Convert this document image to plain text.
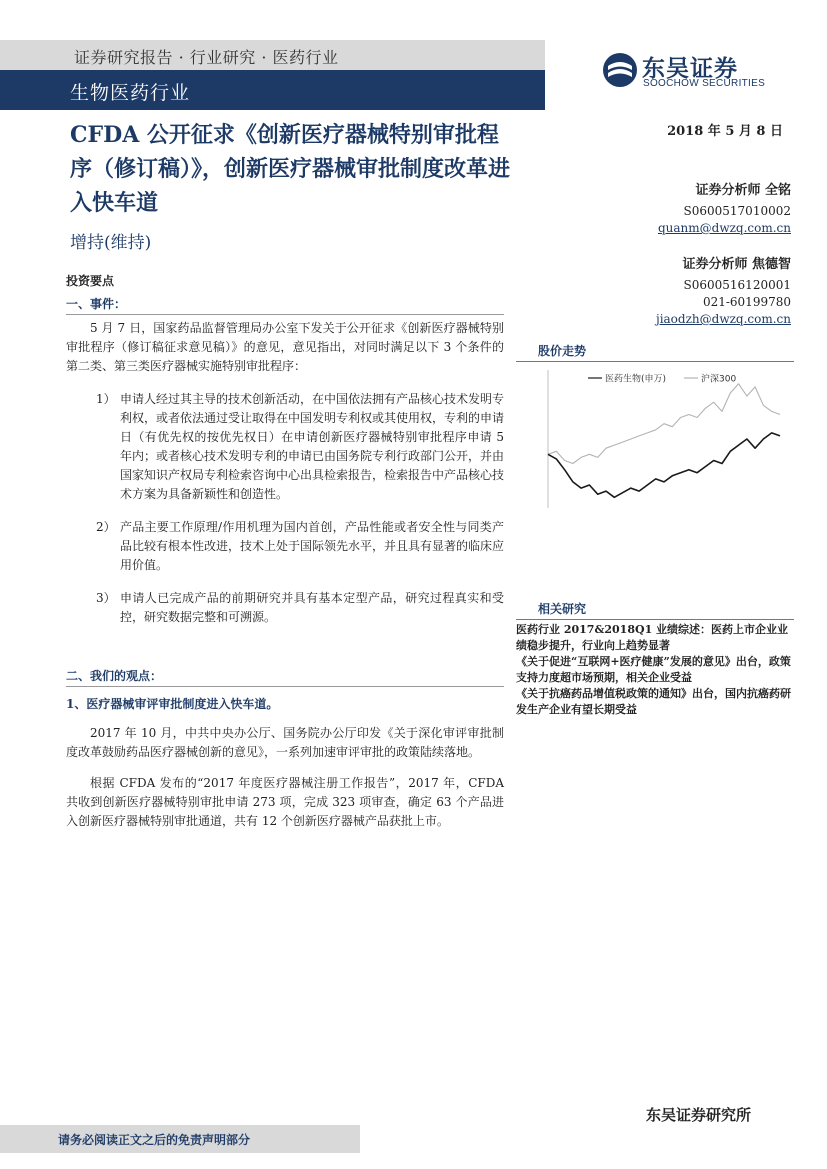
证券研究报告 · 行业研究 · 医药行业
生物医药行业
东吴证券
SOOCHOW SECURITIES
CFDA 公开征求《创新医疗器械特别审批程序（修订稿）》，创新医疗器械审批制度改革进入快车道
增持(维持)
2018 年 5 月 8 日
证券分析师 全铭
S0600517010002
quanm@dwzq.com.cn
证券分析师 焦德智
S0600516120001
021-60199780
jiaodzh@dwzq.com.cn
股价走势
医药生物(申万)	沪深300
相关研究

医药行业 2017&2018Q1 业绩综述：医药上市企业业绩稳步提升，行业向上趋势显著

《关于促进“互联网+医疗健康”发展的意见》出台，政策支持力度超市场预期，相关企业受益

《关于抗癌药品增值税政策的通知》出台，国内抗癌药研发生产企业有望长期受益

投资要点
一、事件：

5 月 7 日，国家药品监督管理局办公室下发关于公开征求《创新医疗器械特别审批程序（修订稿征求意见稿）》的意见，意见指出，对同时满足以下 3 个条件的第二类、第三类医疗器械实施特别审批程序：

1） 申请人经过其主导的技术创新活动，在中国依法拥有产品核心技术发明专利权，或者依法通过受让取得在中国发明专利权或其使用权，专利的申请日（有优先权的按优先权日）在申请创新医疗器械特别审批程序申请 5 年内；或者核心技术发明专利的申请已由国务院专利行政部门公开，并由国家知识产权局专利检索咨询中心出具检索报告，检索报告中产品核心技术方案为具备新颖性和创造性。
2） 产品主要工作原理/作用机理为国内首创，产品性能或者安全性与同类产品比较有根本性改进，技术上处于国际领先水平，并且具有显著的临床应用价值。
3） 申请人已完成产品的前期研究并具有基本定型产品，研究过程真实和受控，研究数据完整和可溯源。
二、我们的观点：
1、医疗器械审评审批制度进入快车道。

2017 年 10 月，中共中央办公厅、国务院办公厅印发《关于深化审评审批制度改革鼓励药品医疗器械创新的意见》，一系列加速审评审批的政策陆续落地。

根据 CFDA 发布的“2017 年度医疗器械注册工作报告”，2017 年，CFDA 共收到创新医疗器械特别审批申请 273 项，完成 323 项审查，确定 63 个产品进入创新医疗器械特别审批通道，共有 12 个创新医疗器械产品获批上市。

东吴证券研究所
请务必阅读正文之后的免责声明部分
